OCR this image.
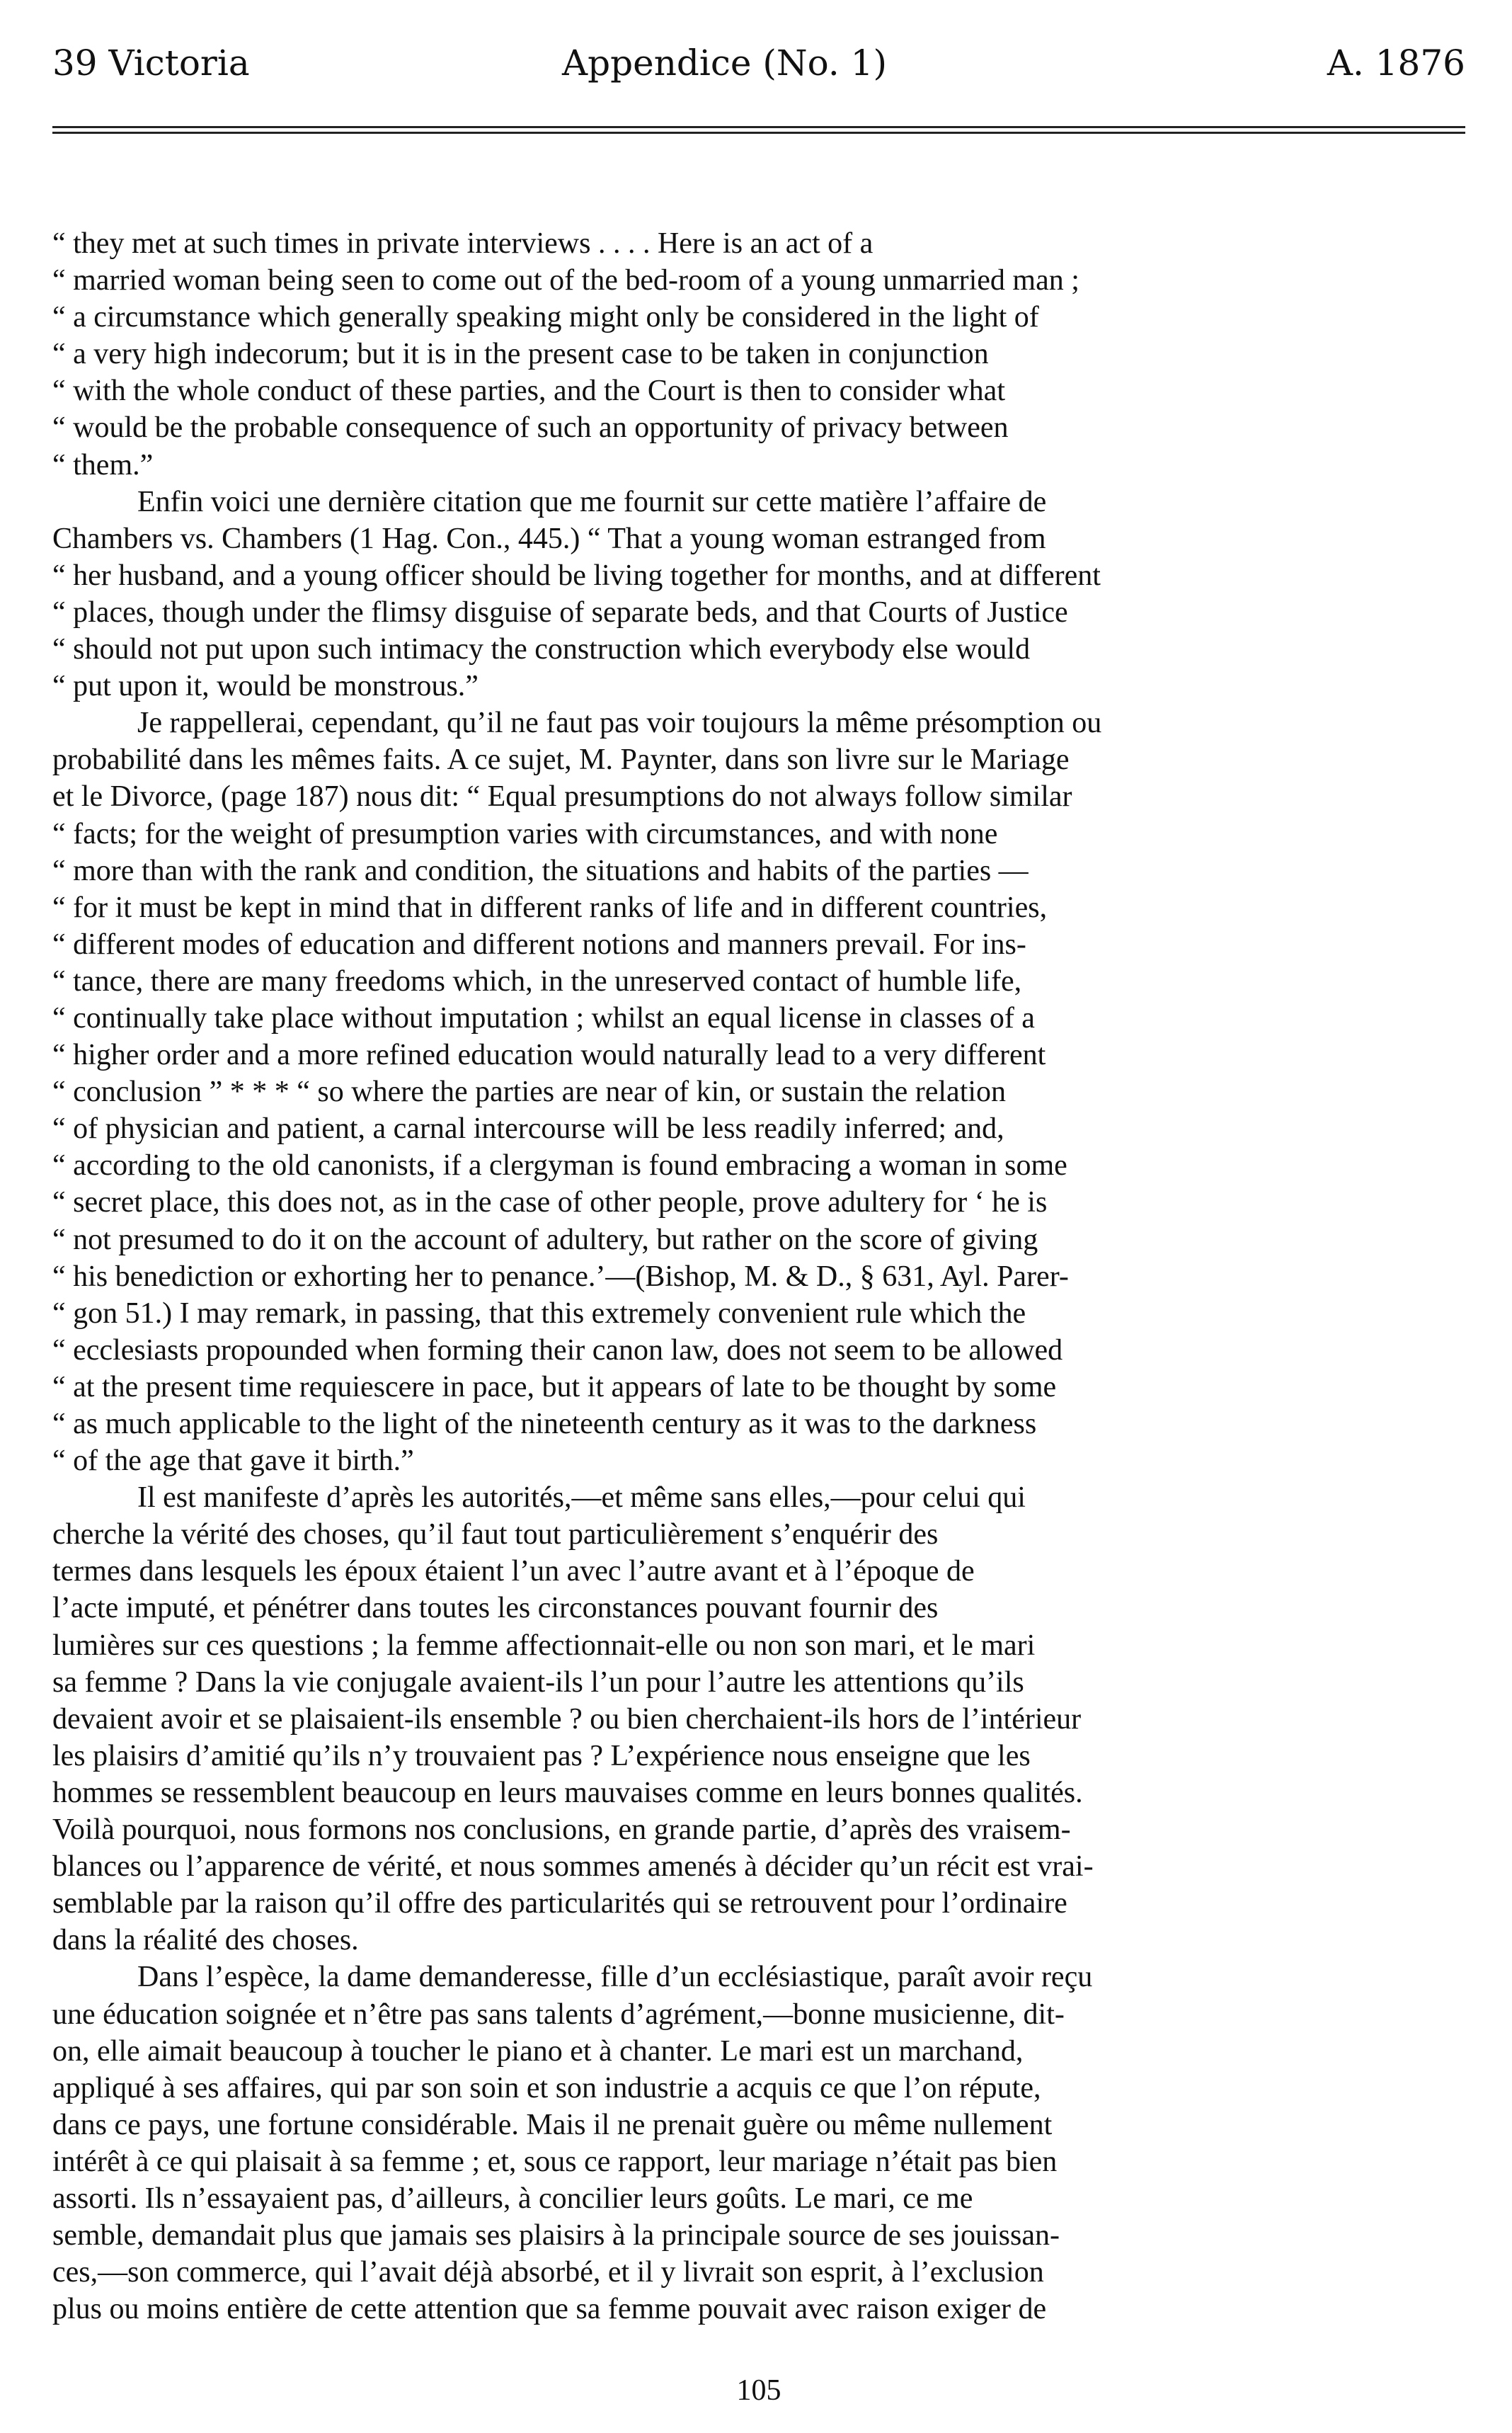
39 Victoria	Appendice (No. 1)	A. 1876
“ they met at such times in private interviews . . . . Here is an act of a
“ married woman being seen to come out of the bed-room of a young unmarried man ;
“ a circumstance which generally speaking might only be considered in the light of
“ a very high indecorum; but it is in the present case to be taken in conjunction
“ with the whole conduct of these parties, and the Court is then to consider what
“ would be the probable consequence of such an opportunity of privacy between
“ them.”
Enfin voici une dernière citation que me fournit sur cette matière l’affaire de
Chambers vs. Chambers (1 Hag. Con., 445.) “ That a young woman estranged from
“ her husband, and a young officer should be living together for months, and at different
“ places, though under the flimsy disguise of separate beds, and that Courts of Justice
“ should not put upon such intimacy the construction which everybody else would
“ put upon it, would be monstrous.”
Je rappellerai, cependant, qu’il ne faut pas voir toujours la même présomption ou
probabilité dans les mêmes faits. A ce sujet, M. Paynter, dans son livre sur le Mariage
et le Divorce, (page 187) nous dit: “ Equal presumptions do not always follow similar
“ facts; for the weight of presumption varies with circumstances, and with none
“ more than with the rank and condition, the situations and habits of the parties —
“ for it must be kept in mind that in different ranks of life and in different countries,
“ different modes of education and different notions and manners prevail. For ins-
“ tance, there are many freedoms which, in the unreserved contact of humble life,
“ continually take place without imputation ; whilst an equal license in classes of a
“ higher order and a more refined education would naturally lead to a very different
“ conclusion ” * * * “ so where the parties are near of kin, or sustain the relation
“ of physician and patient, a carnal intercourse will be less readily inferred; and,
“ according to the old canonists, if a clergyman is found embracing a woman in some
“ secret place, this does not, as in the case of other people, prove adultery for ‘ he is
“ not presumed to do it on the account of adultery, but rather on the score of giving
“ his benediction or exhorting her to penance.’—(Bishop, M. & D., § 631, Ayl. Parer-
“ gon 51.) I may remark, in passing, that this extremely convenient rule which the
“ ecclesiasts propounded when forming their canon law, does not seem to be allowed
“ at the present time requiescere in pace, but it appears of late to be thought by some
“ as much applicable to the light of the nineteenth century as it was to the darkness
“ of the age that gave it birth.”
Il est manifeste d’après les autorités,—et même sans elles,—pour celui qui
cherche la vérité des choses, qu’il faut tout particulièrement s’enquérir des
termes dans lesquels les époux étaient l’un avec l’autre avant et à l’époque de
l’acte imputé, et pénétrer dans toutes les circonstances pouvant fournir des
lumières sur ces questions ; la femme affectionnait-elle ou non son mari, et le mari
sa femme ? Dans la vie conjugale avaient-ils l’un pour l’autre les attentions qu’ils
devaient avoir et se plaisaient-ils ensemble ? ou bien cherchaient-ils hors de l’intérieur
les plaisirs d’amitié qu’ils n’y trouvaient pas ? L’expérience nous enseigne que les
hommes se ressemblent beaucoup en leurs mauvaises comme en leurs bonnes qualités.
Voilà pourquoi, nous formons nos conclusions, en grande partie, d’après des vraisem-
blances ou l’apparence de vérité, et nous sommes amenés à décider qu’un récit est vrai-
semblable par la raison qu’il offre des particularités qui se retrouvent pour l’ordinaire
dans la réalité des choses.
Dans l’espèce, la dame demanderesse, fille d’un ecclésiastique, paraît avoir reçu
une éducation soignée et n’être pas sans talents d’agrément,—bonne musicienne, dit-
on, elle aimait beaucoup à toucher le piano et à chanter. Le mari est un marchand,
appliqué à ses affaires, qui par son soin et son industrie a acquis ce que l’on répute,
dans ce pays, une fortune considérable. Mais il ne prenait guère ou même nullement
intérêt à ce qui plaisait à sa femme ; et, sous ce rapport, leur mariage n’était pas bien
assorti. Ils n’essayaient pas, d’ailleurs, à concilier leurs goûts. Le mari, ce me
semble, demandait plus que jamais ses plaisirs à la principale source de ses jouissan-
ces,—son commerce, qui l’avait déjà absorbé, et il y livrait son esprit, à l’exclusion
plus ou moins entière de cette attention que sa femme pouvait avec raison exiger de
105
